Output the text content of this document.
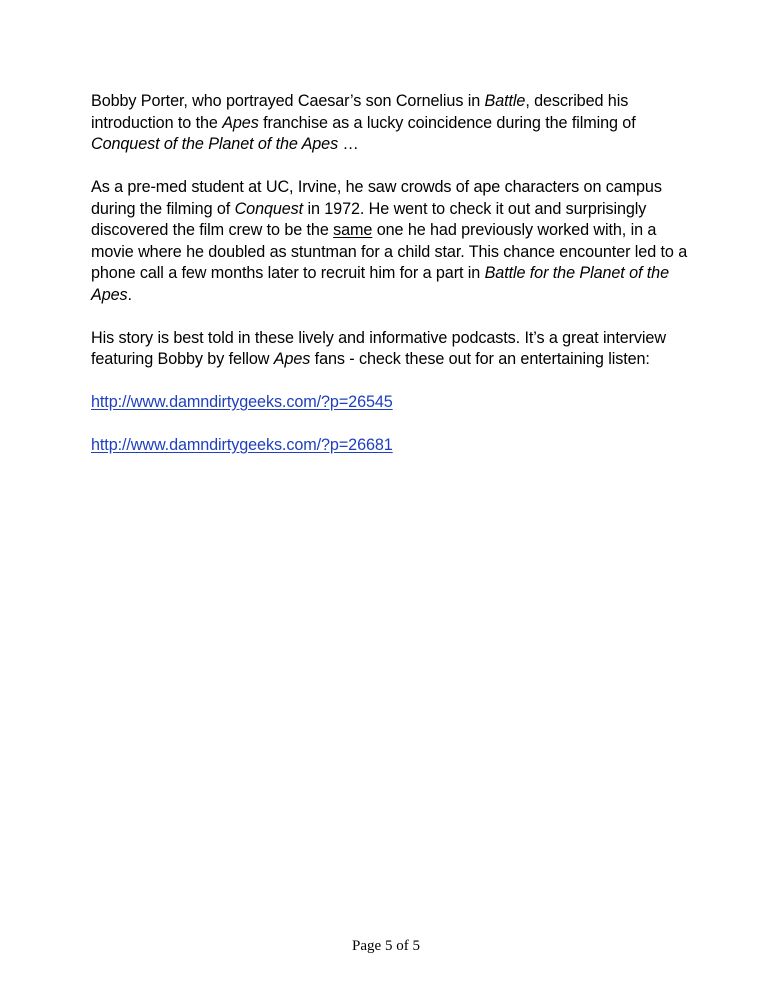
Bobby Porter, who portrayed Caesar’s son Cornelius in Battle, described his introduction to the Apes franchise as a lucky coincidence during the filming of Conquest of the Planet of the Apes …

As a pre-med student at UC, Irvine, he saw crowds of ape characters on campus during the filming of Conquest in 1972. He went to check it out and surprisingly discovered the film crew to be the same one he had previously worked with, in a movie where he doubled as stuntman for a child star. This chance encounter led to a phone call a few months later to recruit him for a part in Battle for the Planet of the Apes.

His story is best told in these lively and informative podcasts. It’s a great interview featuring Bobby by fellow Apes fans - check these out for an entertaining listen:

http://www.damndirtygeeks.com/?p=26545

http://www.damndirtygeeks.com/?p=26681

Page 5 of 5
